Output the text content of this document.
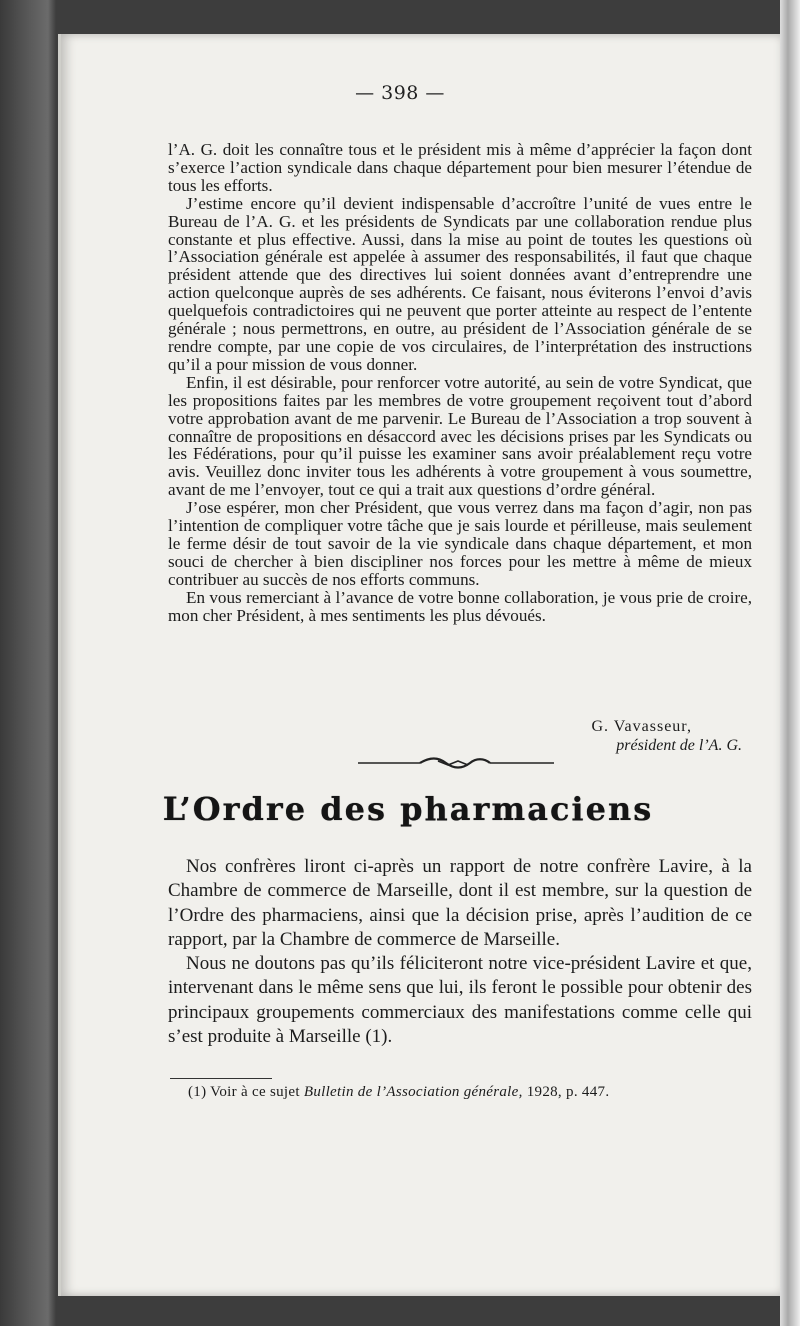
— 398 —

l’A. G. doit les connaître tous et le président mis à même d’apprécier la façon dont s’exerce l’action syndicale dans chaque département pour bien mesurer l’étendue de tous les efforts.

J’estime encore qu’il devient indispensable d’accroître l’unité de vues entre le Bureau de l’A. G. et les présidents de Syndicats par une collaboration rendue plus constante et plus effective. Aussi, dans la mise au point de toutes les questions où l’Association générale est appelée à assumer des responsabilités, il faut que chaque président attende que des directives lui soient données avant d’entreprendre une action quelconque auprès de ses adhérents. Ce faisant, nous éviterons l’envoi d’avis quelquefois contradictoires qui ne peuvent que porter atteinte au respect de l’entente générale ; nous permettrons, en outre, au président de l’Association générale de se rendre compte, par une copie de vos circulaires, de l’interprétation des instructions qu’il a pour mission de vous donner.

Enfin, il est désirable, pour renforcer votre autorité, au sein de votre Syndicat, que les propositions faites par les membres de votre groupement reçoivent tout d’abord votre approbation avant de me parvenir. Le Bureau de l’Association a trop souvent à connaître de propositions en désaccord avec les décisions prises par les Syndicats ou les Fédérations, pour qu’il puisse les examiner sans avoir préalablement reçu votre avis. Veuillez donc inviter tous les adhérents à votre groupement à vous soumettre, avant de me l’envoyer, tout ce qui a trait aux questions d’ordre général.

J’ose espérer, mon cher Président, que vous verrez dans ma façon d’agir, non pas l’intention de compliquer votre tâche que je sais lourde et périlleuse, mais seulement le ferme désir de tout savoir de la vie syndicale dans chaque département, et mon souci de chercher à bien discipliner nos forces pour les mettre à même de mieux contribuer au succès de nos efforts communs.

En vous remerciant à l’avance de votre bonne collaboration, je vous prie de croire, mon cher Président, à mes sentiments les plus dévoués.

G. Vavasseur,
président de l’A. G.
L’Ordre des pharmaciens

Nos confrères liront ci-après un rapport de notre confrère Lavire, à la Chambre de commerce de Marseille, dont il est membre, sur la question de l’Ordre des pharmaciens, ainsi que la décision prise, après l’audition de ce rapport, par la Chambre de commerce de Marseille.

Nous ne doutons pas qu’ils féliciteront notre vice-président Lavire et que, intervenant dans le même sens que lui, ils feront le possible pour obtenir des principaux groupements commerciaux des manifestations comme celle qui s’est produite à Marseille (1).

(1) Voir à ce sujet Bulletin de l’Association générale, 1928, p. 447.
